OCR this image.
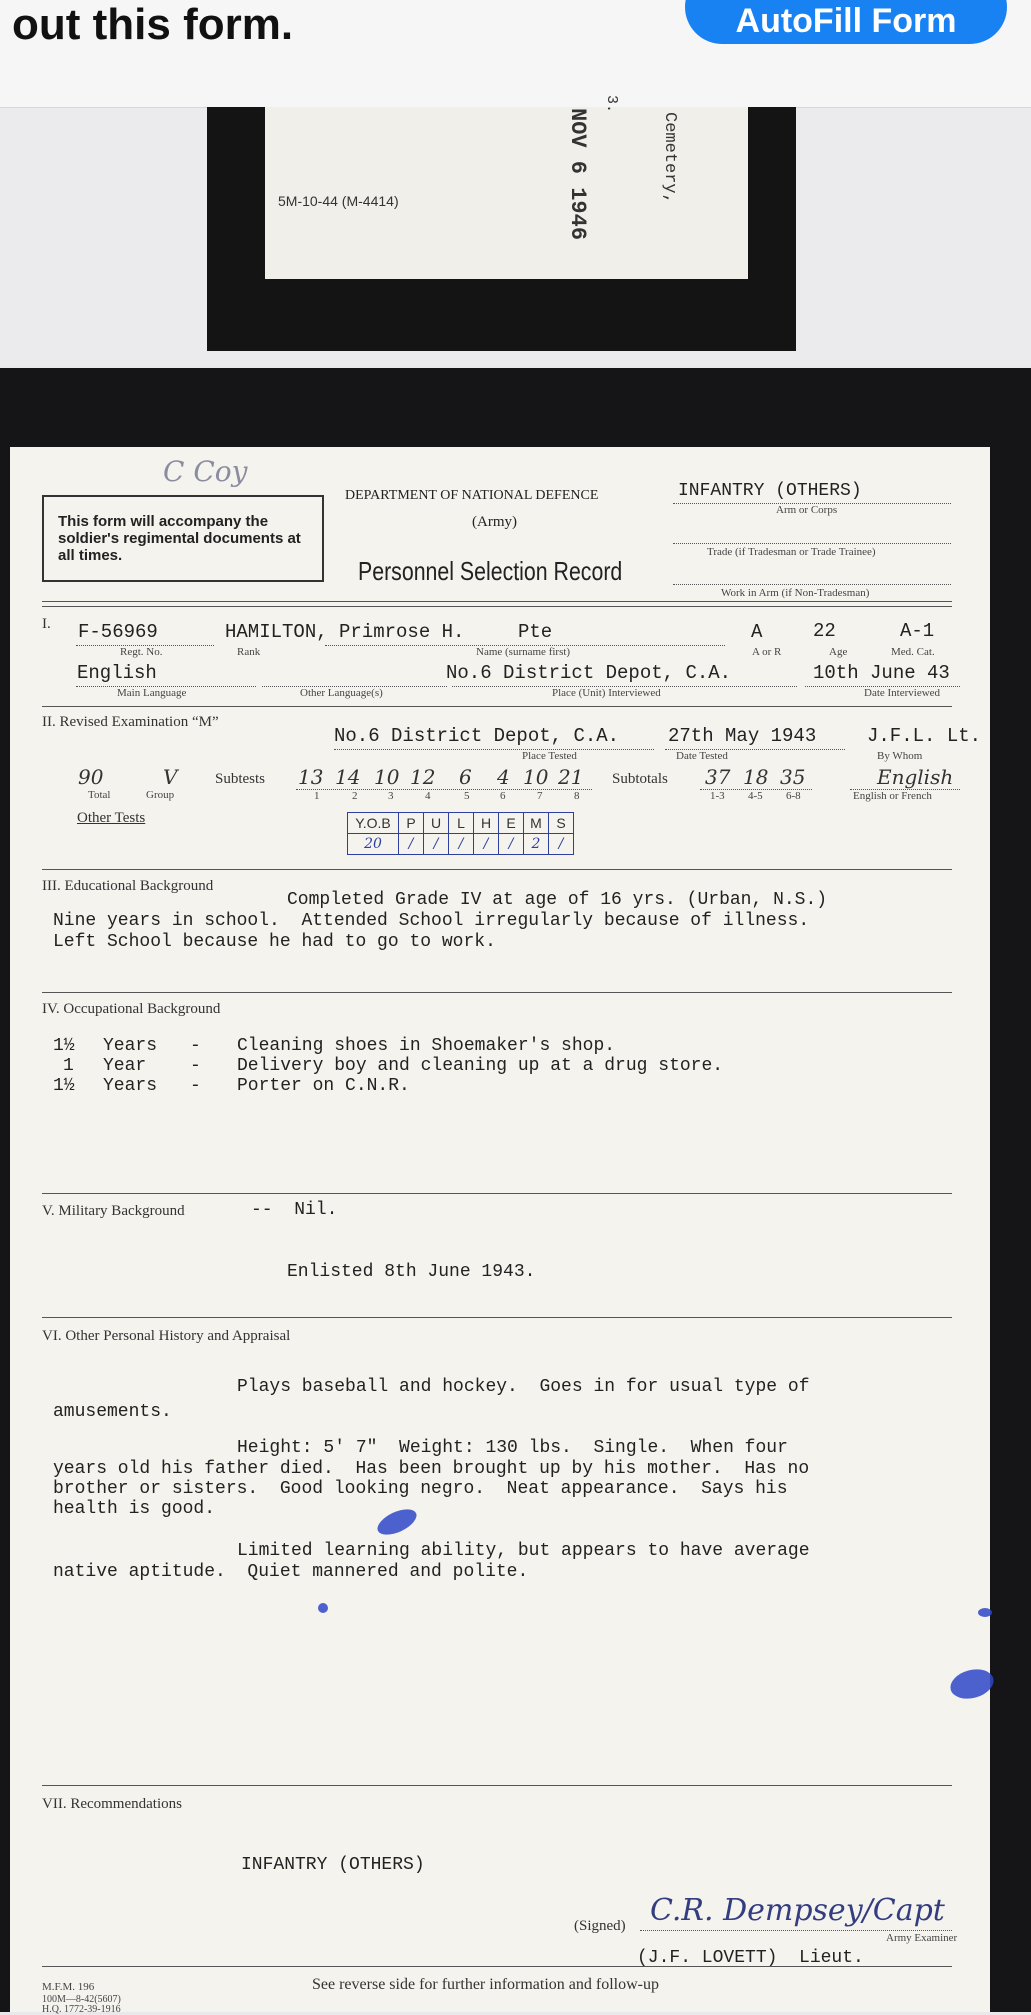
out this form.	AutoFill Form
5M-10-44 (M-4414)	NOV 6 1946	Cemetery,
3.
C Coy
This form will accompany the soldier's regimental documents at all times.
DEPARTMENT OF NATIONAL DEFENCE
(Army)
Personnel Selection Record
INFANTRY (OTHERS)
Arm or Corps
Trade (if Tradesman or Trade Trainee)
Work in Arm (if Non-Tradesman)
I. F-56969
Regt. No.	Rank
HAMILTON, Primrose H.	Pte
Name (surname first)
A
A or R
22
Age
A-1
Med. Cat.
English
Main Language	Other Language(s)
No.6 District Depot, C.A.
Place (Unit) Interviewed
10th June 43
Date Interviewed
II. Revised Examination “M”
No.6 District Depot, C.A.
Place Tested
27th May 1943
Date Tested
J.F.L. Lt.
By Whom
90
Total
V
Group
Subtests 13 14 10 12 6 4 10 21
1	2	3	4	5	6	7	8
Subtotals 37 18 35
1-3 4-5 6-8
English
English or French
Other Tests	Y.O.B	P	U	L	H	E	M	S
20	/	/	/	/	/	2	/
III. Educational Background
Completed Grade IV at age of 16 yrs. (Urban, N.S.)
Nine years in school.  Attended School irregularly because of illness.
Left School because he had to go to work.
IV. Occupational Background
1½ Years - Cleaning shoes in Shoemaker's shop.
1 Year - Delivery boy and cleaning up at a drug store.
1½ Years - Porter on C.N.R.
V. Military Background	--  Nil.
Enlisted 8th June 1943.
VI. Other Personal History and Appraisal
Plays baseball and hockey.  Goes in for usual type of
amusements.
Height: 5' 7"  Weight: 130 lbs.  Single.  When four
years old his father died.  Has been brought up by his mother.  Has no
brother or sisters.  Good looking negro.  Neat appearance.  Says his
health is good.
Limited learning ability, but appears to have average
native aptitude.  Quiet mannered and polite.
VII. Recommendations
INFANTRY (OTHERS)
(Signed) C.R. Dempsey/Capt
Army Examiner
(J.F. LOVETT)  Lieut.
M.F.M. 196
100M—8-42(5607)
H.Q. 1772-39-1916
See reverse side for further information and follow-up
